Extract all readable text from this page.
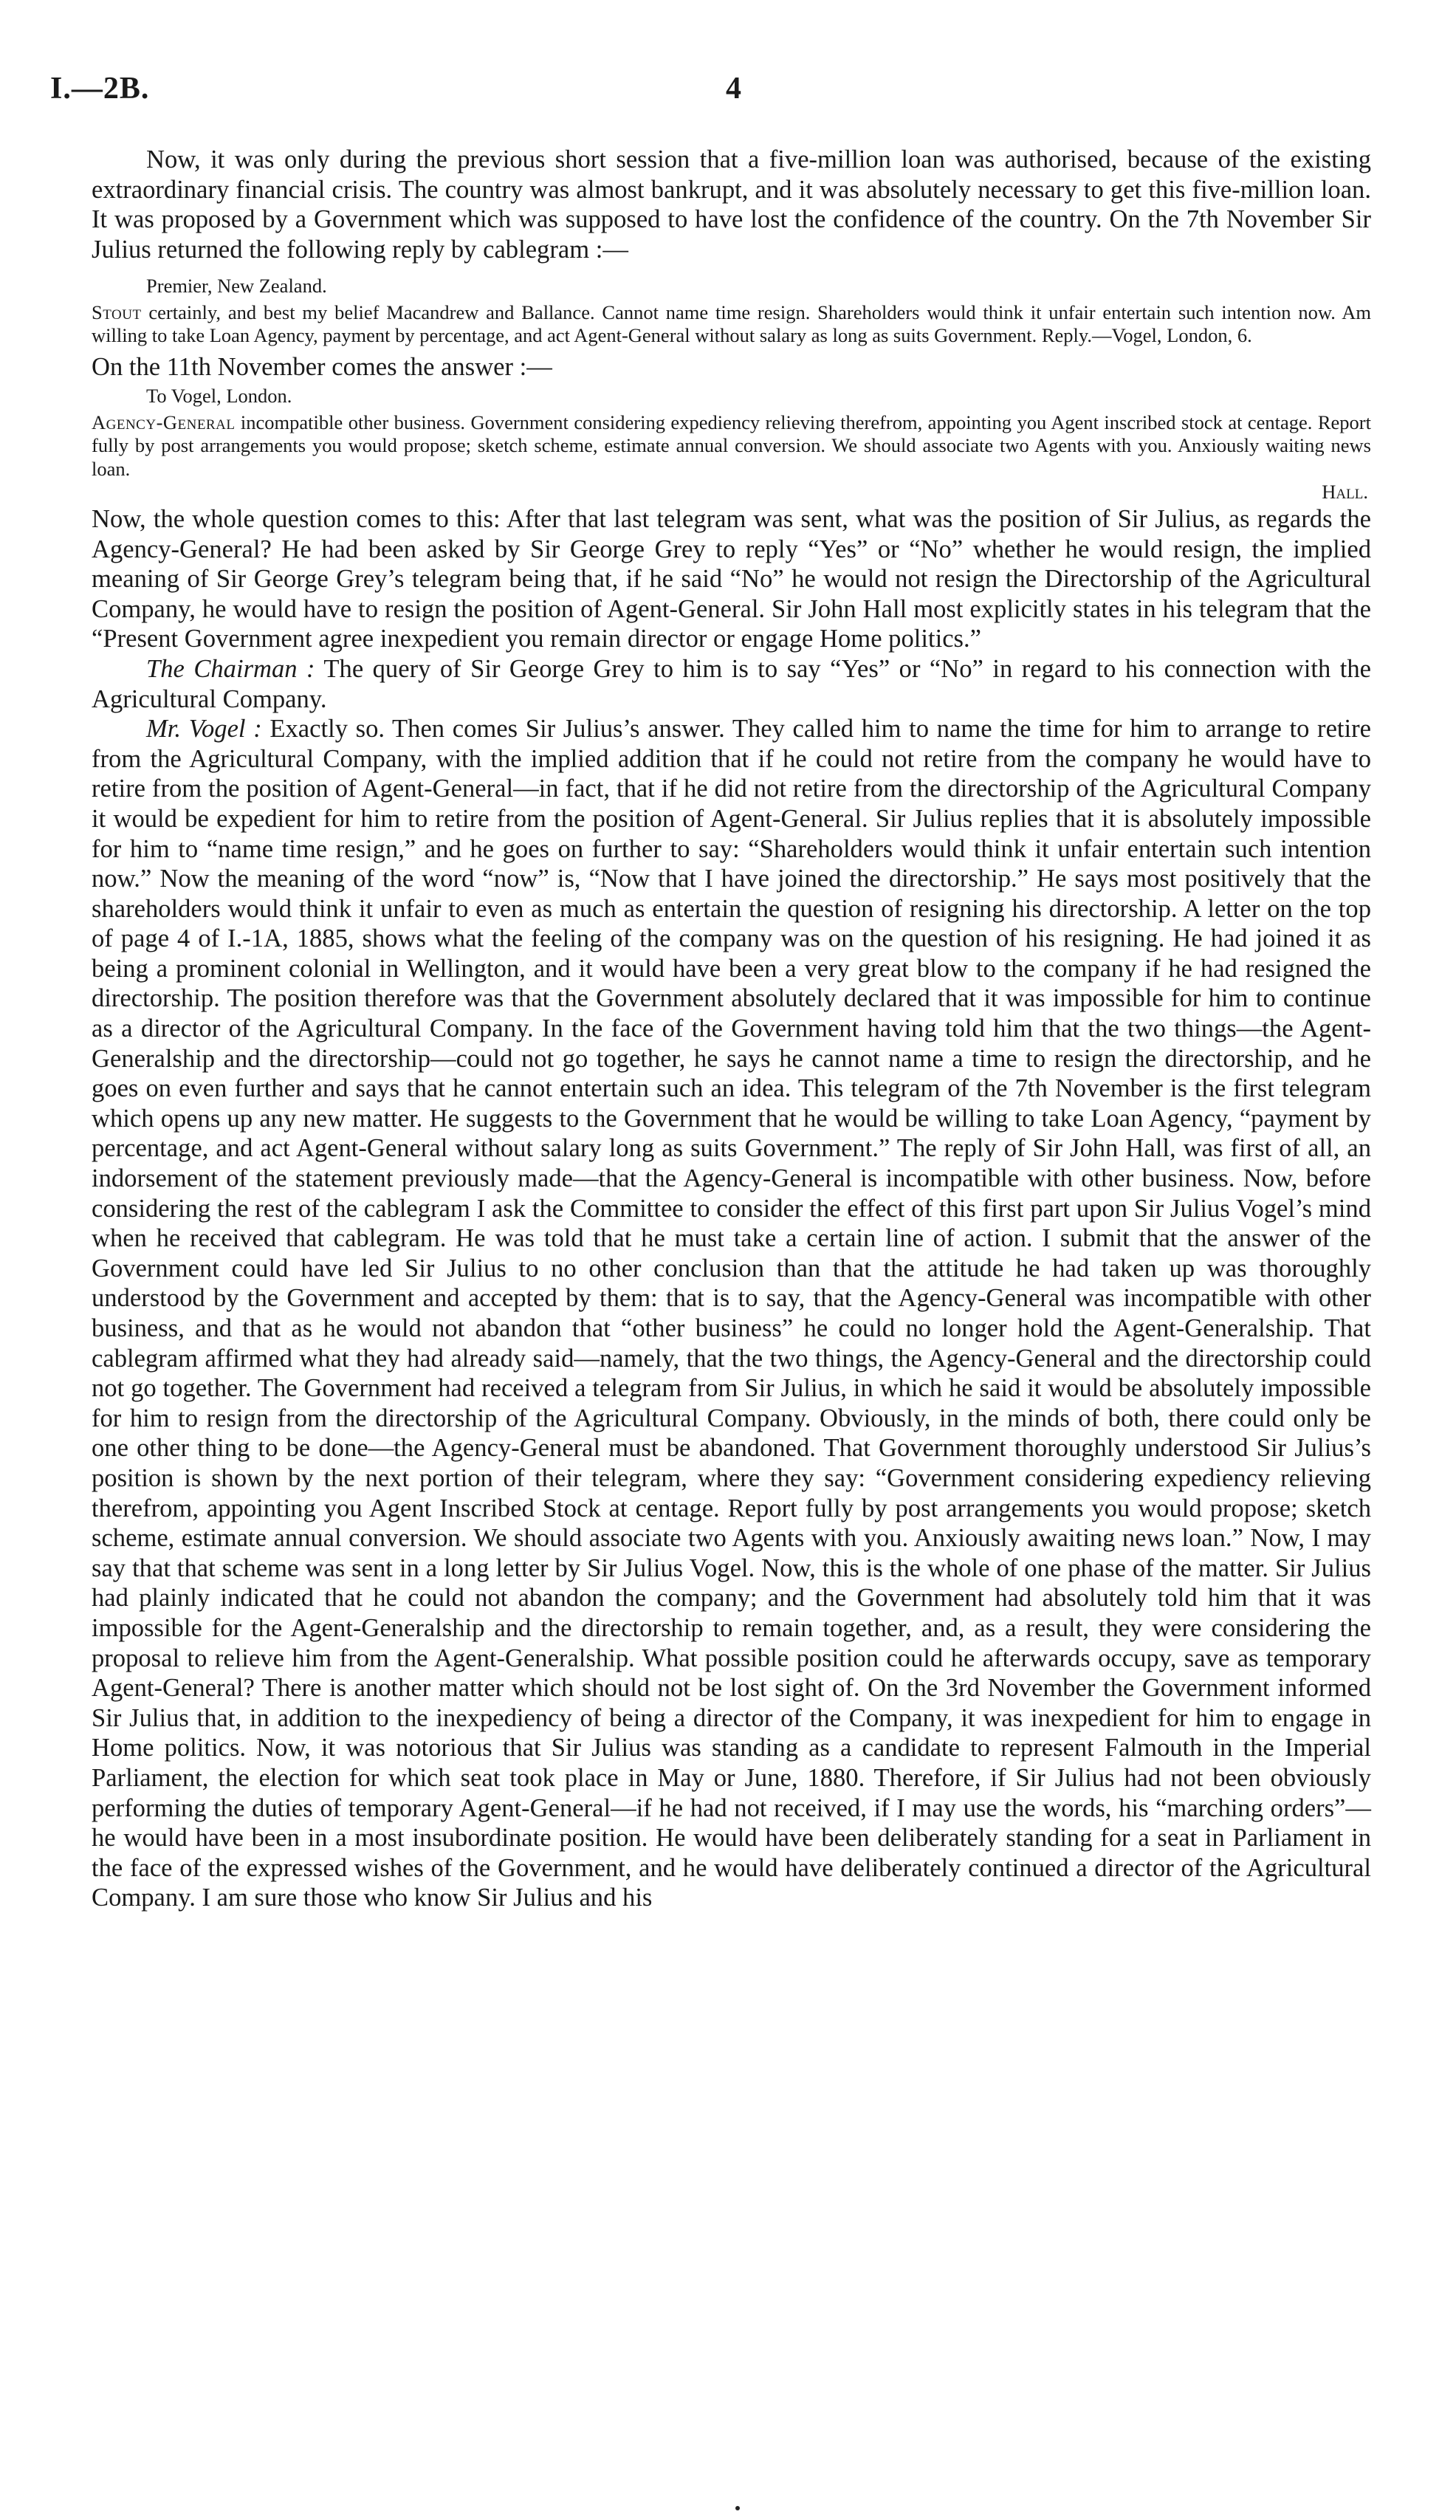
I.—2B.	4

Now, it was only during the previous short session that a five-million loan was authorised, because of the existing extraordinary financial crisis. The country was almost bankrupt, and it was absolutely necessary to get this five-million loan. It was proposed by a Government which was supposed to have lost the confidence of the country. On the 7th November Sir Julius returned the following reply by cablegram :—

Premier, New Zealand.

Stout certainly, and best my belief Macandrew and Ballance. Cannot name time resign. Shareholders would think it unfair entertain such intention now. Am willing to take Loan Agency, payment by percentage, and act Agent-General without salary as long as suits Government. Reply.—Vogel, London, 6.

On the 11th November comes the answer :—

To Vogel, London.

Agency-General incompatible other business. Government considering expediency relieving therefrom, appointing you Agent inscribed stock at centage. Report fully by post arrangements you would propose; sketch scheme, estimate annual conversion. We should associate two Agents with you. Anxiously waiting news loan.

Hall.

Now, the whole question comes to this: After that last telegram was sent, what was the position of Sir Julius, as regards the Agency-General? He had been asked by Sir George Grey to reply “Yes” or “No” whether he would resign, the implied meaning of Sir George Grey’s telegram being that, if he said “No” he would not resign the Directorship of the Agricultural Company, he would have to resign the position of Agent-General. Sir John Hall most explicitly states in his telegram that the “Present Government agree inexpedient you remain director or engage Home politics.”

The Chairman : The query of Sir George Grey to him is to say “Yes” or “No” in regard to his connection with the Agricultural Company.

Mr. Vogel : Exactly so. Then comes Sir Julius’s answer. They called him to name the time for him to arrange to retire from the Agricultural Company, with the implied addition that if he could not retire from the company he would have to retire from the position of Agent-General—in fact, that if he did not retire from the directorship of the Agricultural Company it would be expedient for him to retire from the position of Agent-General. Sir Julius replies that it is absolutely impossible for him to “name time resign,” and he goes on further to say: “Shareholders would think it unfair entertain such intention now.” Now the meaning of the word “now” is, “Now that I have joined the directorship.” He says most positively that the shareholders would think it unfair to even as much as entertain the question of resigning his directorship. A letter on the top of page 4 of I.-1A, 1885, shows what the feeling of the company was on the question of his resigning. He had joined it as being a prominent colonial in Wellington, and it would have been a very great blow to the company if he had resigned the directorship. The position therefore was that the Government absolutely declared that it was impossible for him to continue as a director of the Agricultural Company. In the face of the Government having told him that the two things—the Agent-Generalship and the directorship—could not go together, he says he cannot name a time to resign the directorship, and he goes on even further and says that he cannot entertain such an idea. This telegram of the 7th November is the first telegram which opens up any new matter. He suggests to the Government that he would be willing to take Loan Agency, “payment by percentage, and act Agent-General without salary long as suits Government.” The reply of Sir John Hall, was first of all, an indorsement of the statement previously made—that the Agency-General is incompatible with other business. Now, before considering the rest of the cablegram I ask the Committee to consider the effect of this first part upon Sir Julius Vogel’s mind when he received that cablegram. He was told that he must take a certain line of action. I submit that the answer of the Government could have led Sir Julius to no other conclusion than that the attitude he had taken up was thoroughly understood by the Government and accepted by them: that is to say, that the Agency-General was incompatible with other business, and that as he would not abandon that “other business” he could no longer hold the Agent-Generalship. That cablegram affirmed what they had already said—namely, that the two things, the Agency-General and the directorship could not go together. The Government had received a telegram from Sir Julius, in which he said it would be absolutely impossible for him to resign from the directorship of the Agricultural Company. Obviously, in the minds of both, there could only be one other thing to be done—the Agency-General must be abandoned. That Government thoroughly understood Sir Julius’s position is shown by the next portion of their telegram, where they say: “Government considering expediency relieving therefrom, appointing you Agent Inscribed Stock at centage. Report fully by post arrangements you would propose; sketch scheme, estimate annual conversion. We should associate two Agents with you. Anxiously awaiting news loan.” Now, I may say that that scheme was sent in a long letter by Sir Julius Vogel. Now, this is the whole of one phase of the matter. Sir Julius had plainly indicated that he could not abandon the company; and the Government had absolutely told him that it was impossible for the Agent-Generalship and the directorship to remain together, and, as a result, they were considering the proposal to relieve him from the Agent-Generalship. What possible position could he afterwards occupy, save as temporary Agent-General? There is another matter which should not be lost sight of. On the 3rd November the Government informed Sir Julius that, in addition to the inexpediency of being a director of the Company, it was inexpedient for him to engage in Home politics. Now, it was notorious that Sir Julius was standing as a candidate to represent Falmouth in the Imperial Parliament, the election for which seat took place in May or June, 1880. Therefore, if Sir Julius had not been obviously performing the duties of temporary Agent-General—if he had not received, if I may use the words, his “marching orders”—he would have been in a most insubordinate position. He would have been deliberately standing for a seat in Parliament in the face of the expressed wishes of the Government, and he would have deliberately continued a director of the Agricultural Company. I am sure those who know Sir Julius and his
